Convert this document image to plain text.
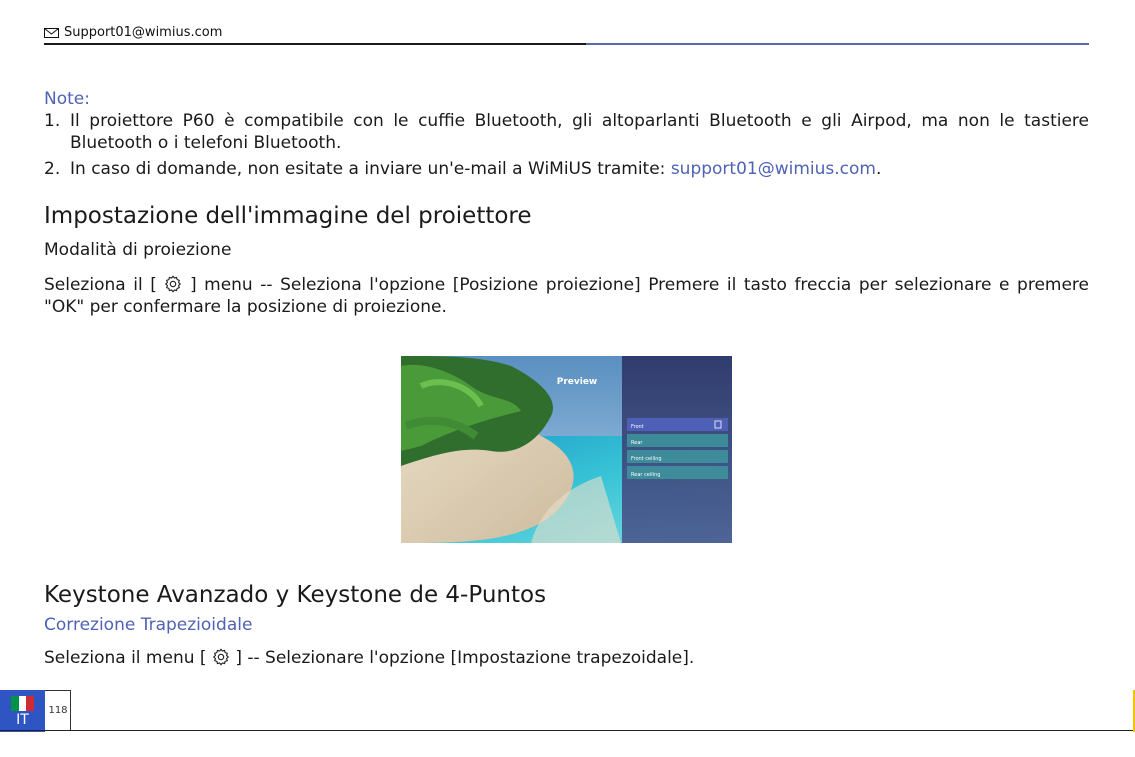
Support01@wimius.com
Note:
1. Il proiettore P60 è compatibile con le cuffie Bluetooth, gli altoparlanti Bluetooth e gli Airpod, ma non le tastiere Bluetooth o i telefoni Bluetooth.
2. In caso di domande, non esitate a inviare un'e-mail a WiMiUS tramite: support01@wimius.com.
Impostazione dell'immagine del proiettore
Modalità di proiezione
Seleziona il [  ] menu -- Seleziona l'opzione [Posizione proiezione] Premere il tasto freccia per selezionare e premere "OK" per confermare la posizione di proiezione.
Preview
Front
Rear
Front ceiling
Rear ceiling
Keystone Avanzado y Keystone de 4-Puntos
Correzione Trapezioidale
Seleziona il menu [  ] -- Selezionare l'opzione [Impostazione trapezoidale].
IT
118
